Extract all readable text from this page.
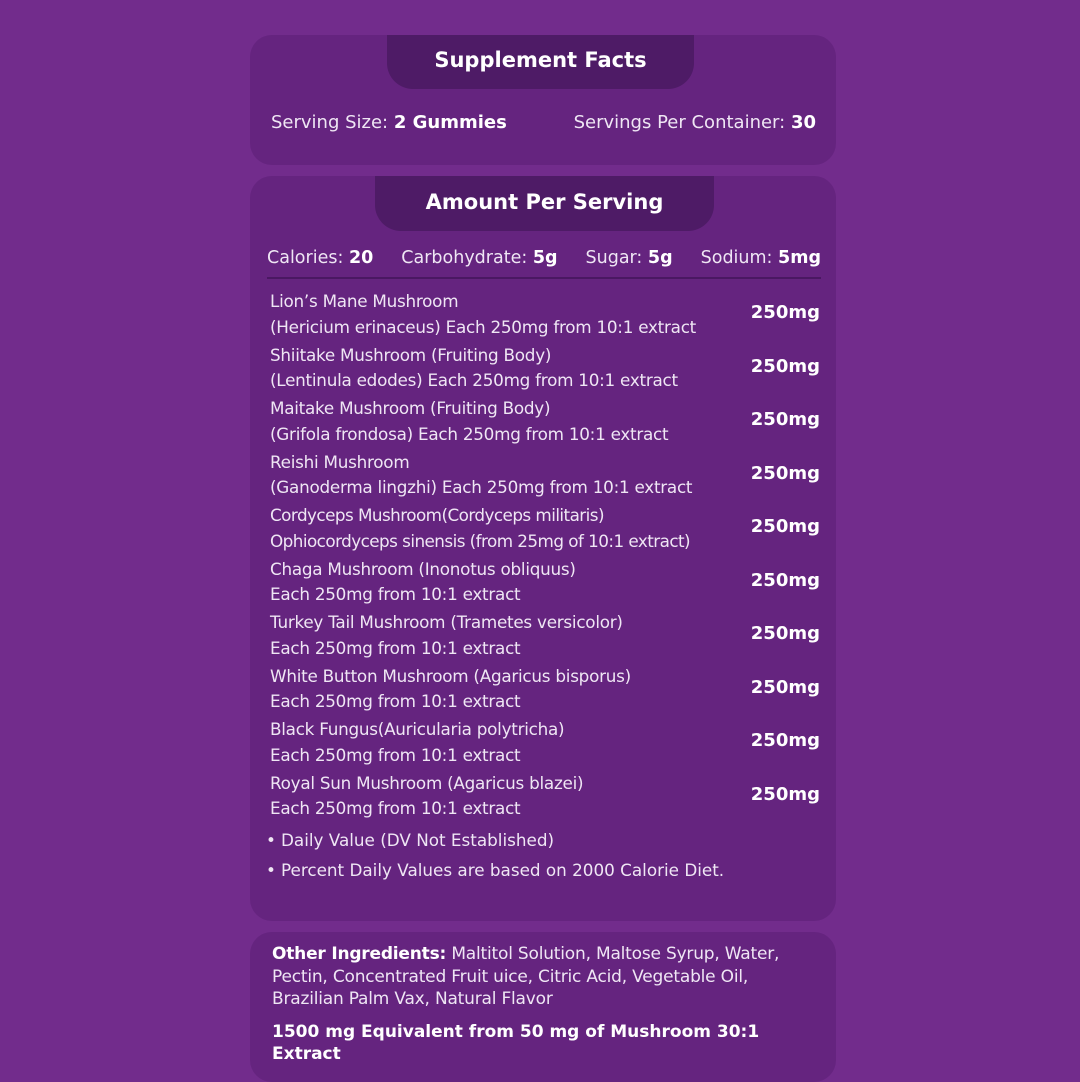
Supplement Facts
Serving Size: 2 Gummies	Servings Per Container: 30
Amount Per Serving
Calories: 20 Carbohydrate: 5g Sugar: 5g Sodium: 5mg
Lion’s Mane Mushroom
(Hericium erinaceus) Each 250mg from 10:1 extract
250mg
Shiitake Mushroom (Fruiting Body)
(Lentinula edodes) Each 250mg from 10:1 extract
250mg
Maitake Mushroom (Fruiting Body)
(Grifola frondosa) Each 250mg from 10:1 extract
250mg
Reishi Mushroom
(Ganoderma lingzhi) Each 250mg from 10:1 extract
250mg
Cordyceps Mushroom(Cordyceps militaris)
Ophiocordyceps sinensis (from 25mg of 10:1 extract)
250mg
Chaga Mushroom (Inonotus obliquus)
Each 250mg from 10:1 extract
250mg
Turkey Tail Mushroom (Trametes versicolor)
Each 250mg from 10:1 extract
250mg
White Button Mushroom (Agaricus bisporus)
Each 250mg from 10:1 extract
250mg
Black Fungus(Auricularia polytricha)
Each 250mg from 10:1 extract
250mg
Royal Sun Mushroom (Agaricus blazei)
Each 250mg from 10:1 extract
250mg
• Daily Value (DV Not Established)
• Percent Daily Values are based on 2000 Calorie Diet.
Other Ingredients: Maltitol Solution, Maltose Syrup, Water, Pectin, Concentrated Fruit uice, Citric Acid, Vegetable Oil, Brazilian Palm Vax, Natural Flavor
1500 mg Equivalent from 50 mg of Mushroom 30:1 Extract
